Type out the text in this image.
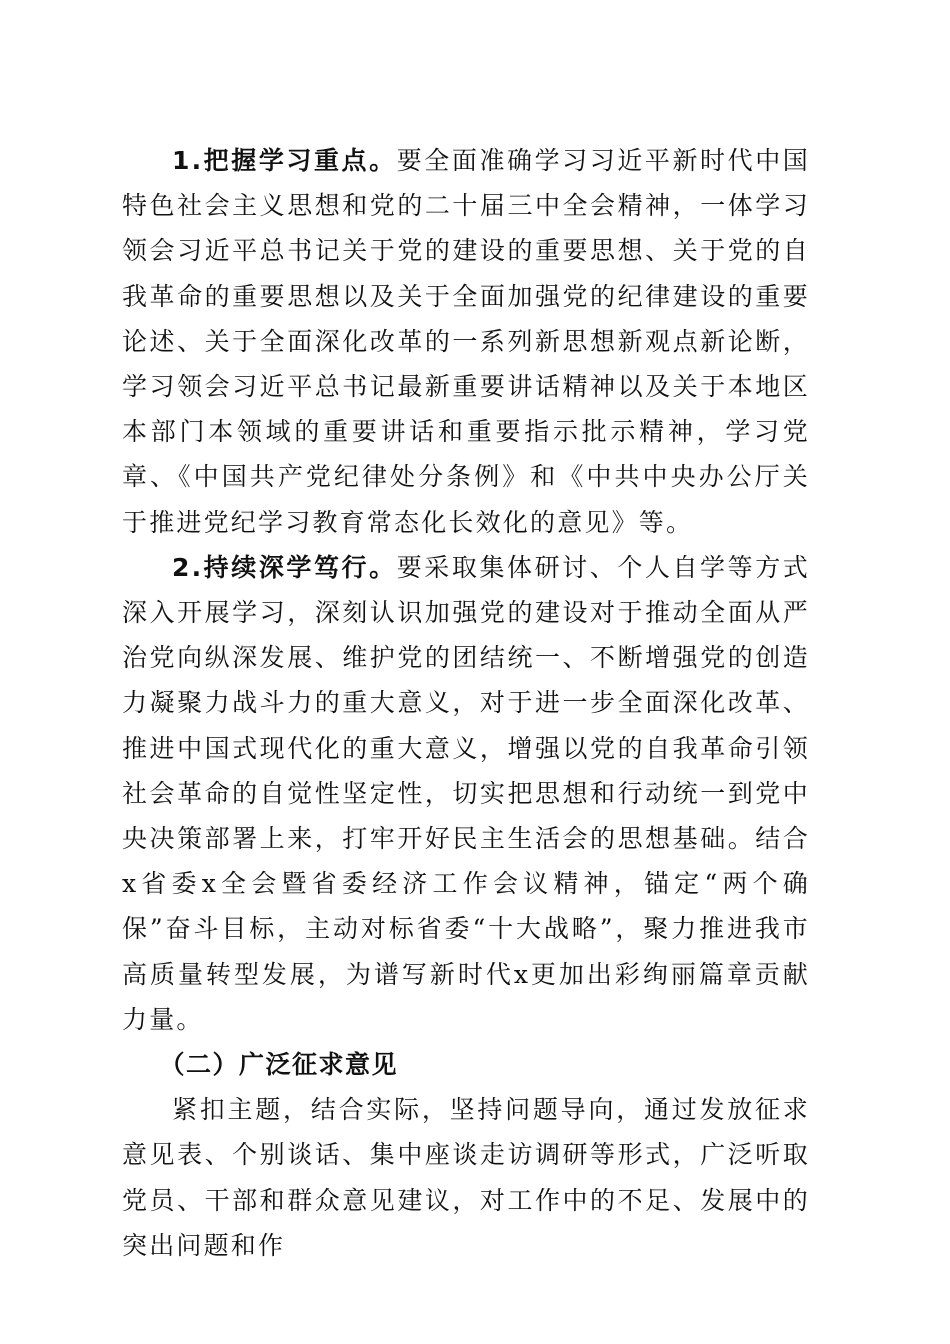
1.把握学习重点。要全面准确学习习近平新时代中国特色社会主义思想和党的二十届三中全会精神，一体学习领会习近平总书记关于党的建设的重要思想、关于党的自我革命的重要思想以及关于全面加强党的纪律建设的重要论述、关于全面深化改革的一系列新思想新观点新论断，学习领会习近平总书记最新重要讲话精神以及关于本地区本部门本领域的重要讲话和重要指示批示精神，学习党章、《中国共产党纪律处分条例》和《中共中央办公厅关于推进党纪学习教育常态化长效化的意见》等。

2.持续深学笃行。要采取集体研讨、个人自学等方式深入开展学习，深刻认识加强党的建设对于推动全面从严治党向纵深发展、维护党的团结统一、不断增强党的创造力凝聚力战斗力的重大意义，对于进一步全面深化改革、推进中国式现代化的重大意义，增强以党的自我革命引领社会革命的自觉性坚定性，切实把思想和行动统一到党中央决策部署上来，打牢开好民主生活会的思想基础。结合x省委x全会暨省委经济工作会议精神，锚定“两个确保”奋斗目标，主动对标省委“十大战略”，聚力推进我市高质量转型发展，为谱写新时代x更加出彩绚丽篇章贡献力量。

（二）广泛征求意见

紧扣主题，结合实际，坚持问题导向，通过发放征求意见表、个别谈话、集中座谈走访调研等形式，广泛听取党员、干部和群众意见建议，对工作中的不足、发展中的突出问题和作
